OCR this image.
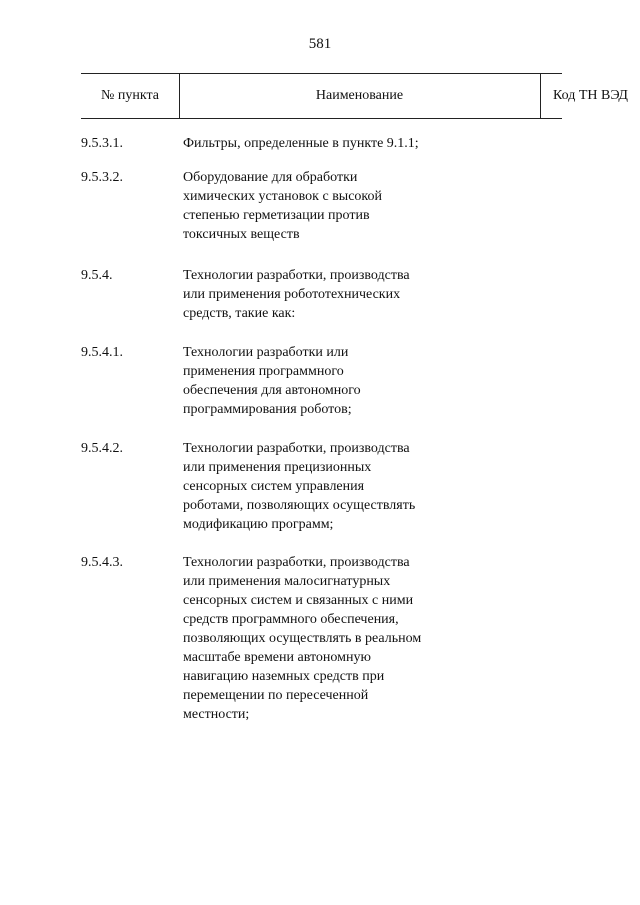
581
№ пункта	Наименование	Код ТН ВЭД
9.5.3.1.	Фильтры, определенные в пункте 9.1.1;
9.5.3.2.	Оборудование для обработки
химических установок с высокой
степенью герметизации против
токсичных веществ
9.5.4.	Технологии разработки, производства
или применения робототехнических
средств, такие как:
9.5.4.1.	Технологии разработки или
применения программного
обеспечения для автономного
программирования роботов;
9.5.4.2.	Технологии разработки, производства
или применения прецизионных
сенсорных систем управления
роботами, позволяющих осуществлять
модификацию программ;
9.5.4.3.	Технологии разработки, производства
или применения малосигнатурных
сенсорных систем и связанных с ними
средств программного обеспечения,
позволяющих осуществлять в реальном
масштабе времени автономную
навигацию наземных средств при
перемещении по пересеченной
местности;
